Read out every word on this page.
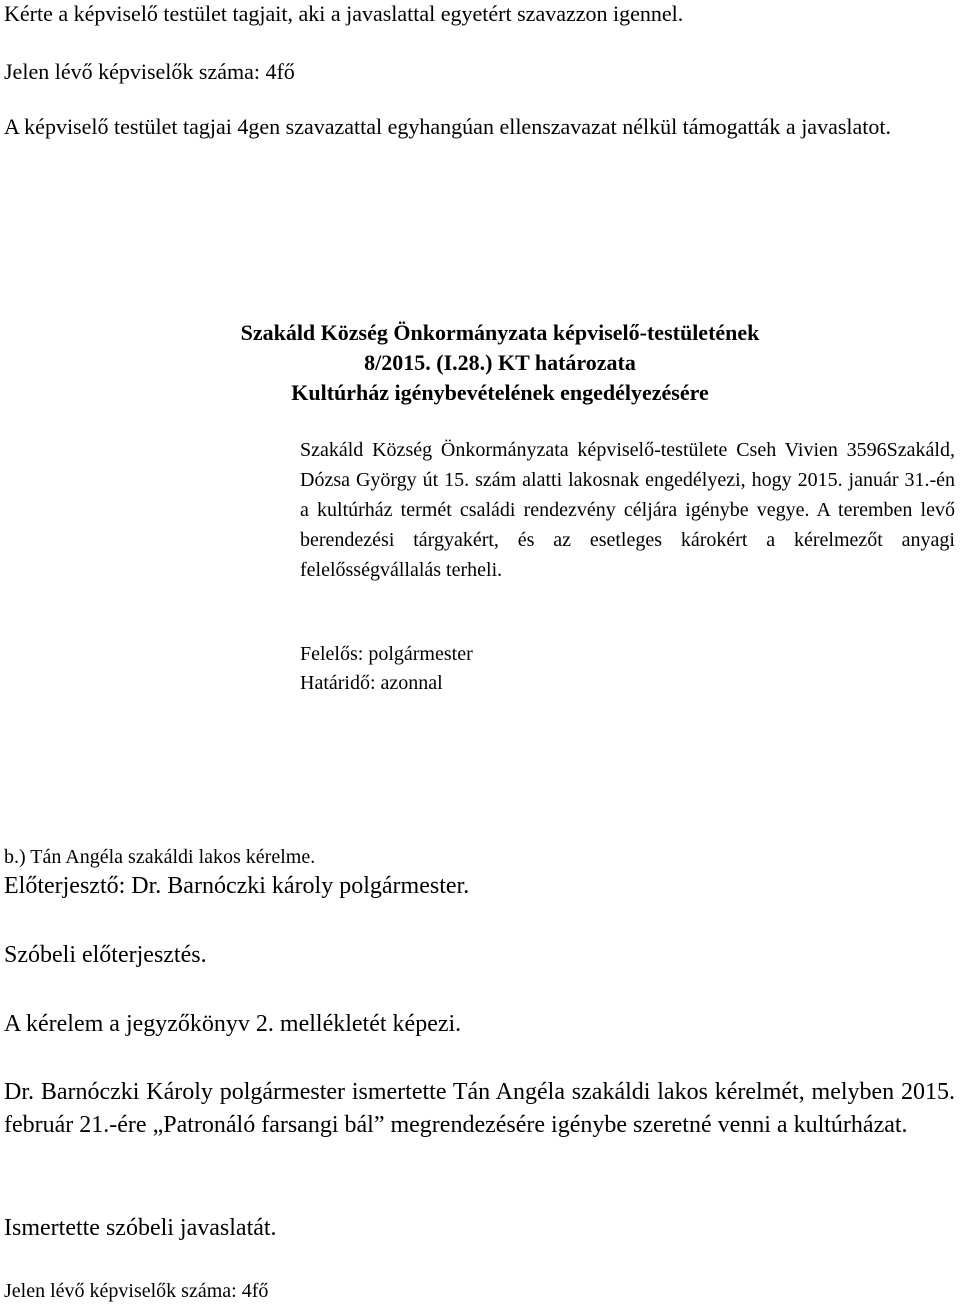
Kérte a képviselő testület tagjait, aki a javaslattal egyetért szavazzon igennel.
Jelen lévő képviselők száma: 4fő
A képviselő testület tagjai 4gen szavazattal egyhangúan ellenszavazat nélkül támogatták a javaslatot.
Szakáld Község Önkormányzata képviselő-testületének
8/2015. (I.28.) KT határozata
Kultúrház igénybevételének engedélyezésére
Szakáld Község Önkormányzata képviselő-testülete Cseh Vivien 3596Szakáld, Dózsa György út 15. szám alatti lakosnak engedélyezi, hogy 2015. január 31.-én a kultúrház termét családi rendezvény céljára igénybe vegye. A teremben levő berendezési tárgyakért, és az esetleges károkért a kérelmezőt anyagi felelősségvállalás terheli.
Felelős: polgármester
Határidő: azonnal
b.) Tán Angéla szakáldi lakos kérelme.
Előterjesztő: Dr. Barnóczki károly polgármester.
Szóbeli előterjesztés.
A kérelem a jegyzőkönyv 2. mellékletét képezi.
Dr. Barnóczki Károly polgármester ismertette Tán Angéla szakáldi lakos kérelmét, melyben 2015. február 21.-ére „Patronáló farsangi bál” megrendezésére igénybe szeretné venni a kultúrházat.
Ismertette szóbeli javaslatát.
Jelen lévő képviselők száma: 4fő
